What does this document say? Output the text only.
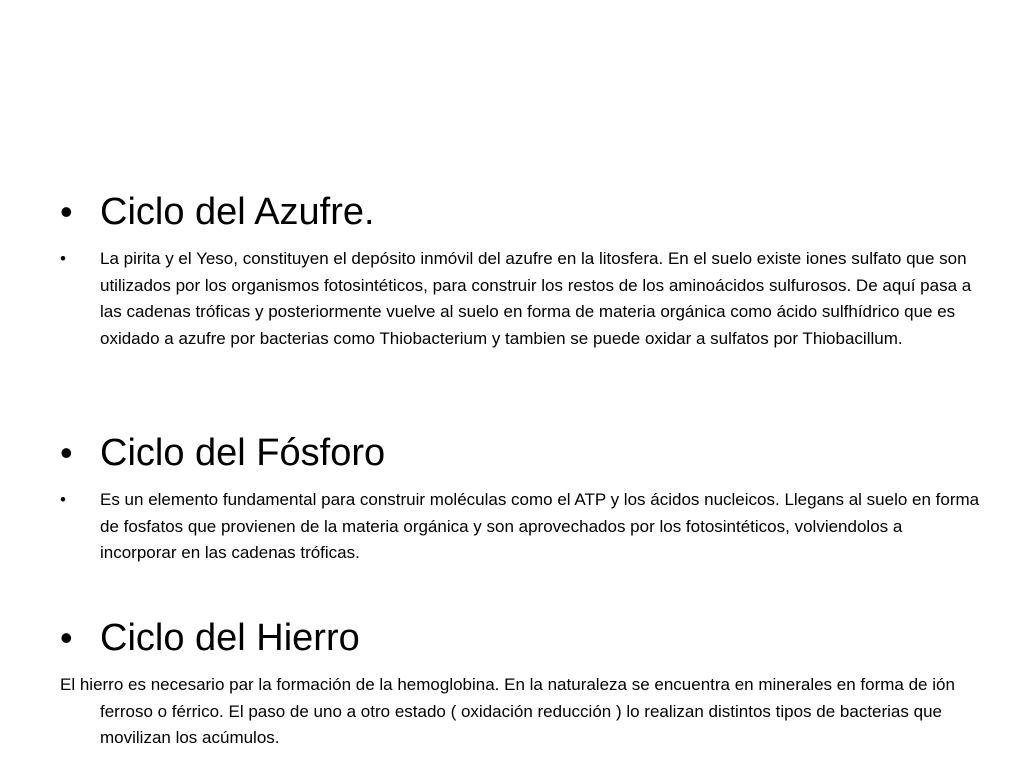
• Ciclo del Azufre.
• La pirita y el Yeso, constituyen el depósito inmóvil del azufre en la litosfera. En el suelo existe iones sulfato que son utilizados por los organismos fotosintéticos, para construir los restos de los aminoácidos sulfurosos. De aquí pasa a las cadenas tróficas y posteriormente vuelve al suelo en forma de materia orgánica como ácido sulfhídrico que es oxidado a azufre por bacterias como Thiobacterium y tambien se puede oxidar a sulfatos por Thiobacillum.
• Ciclo del Fósforo
• Es un elemento fundamental para construir moléculas como el ATP y los ácidos nucleicos. Llegans al suelo en forma de fosfatos que provienen de la materia orgánica y son aprovechados por los fotosintéticos, volviendolos a incorporar en las cadenas tróficas.
• Ciclo del Hierro
El hierro es necesario par la formación de la hemoglobina. En la naturaleza se encuentra en minerales en forma de ión ferroso o férrico. El paso de uno a otro estado ( oxidación reducción ) lo realizan distintos tipos de bacterias que movilizan los acúmulos.
